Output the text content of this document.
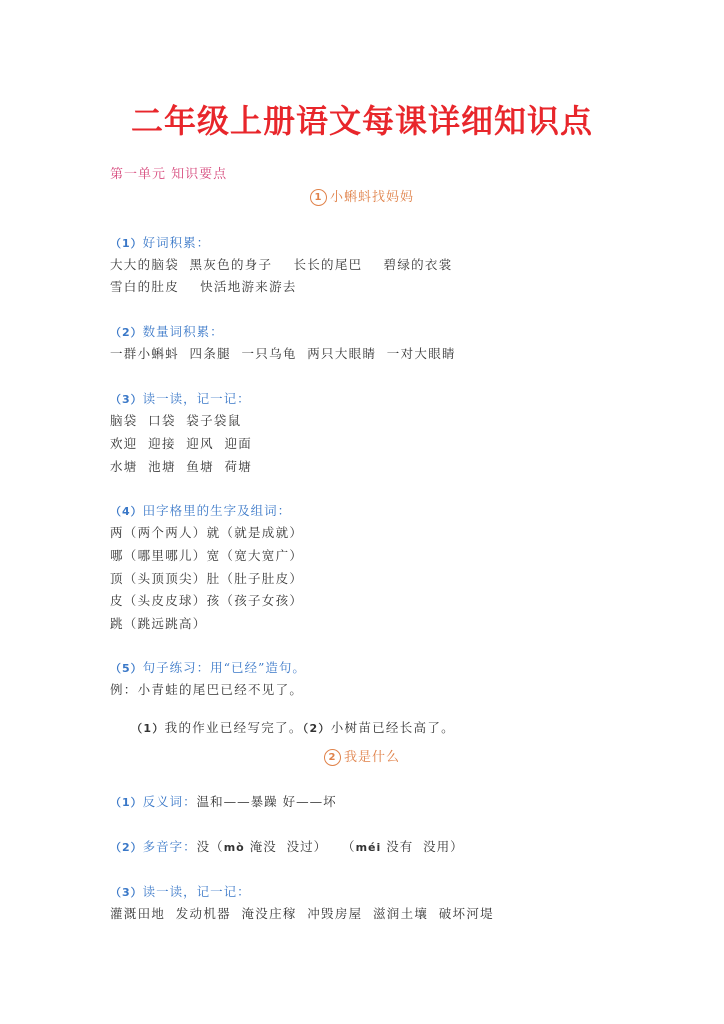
二年级上册语文每课详细知识点
第一单元 知识要点
1 小蝌蚪找妈妈
（1）好词积累：
大大的脑袋  黑灰色的身子    长长的尾巴    碧绿的衣裳
雪白的肚皮    快活地游来游去
（2）数量词积累：
一群小蝌蚪  四条腿  一只乌龟  两只大眼睛  一对大眼睛
（3）读一读，记一记：
脑袋  口袋  袋子袋鼠
欢迎  迎接  迎风  迎面
水塘  池塘  鱼塘  荷塘
（4）田字格里的生字及组词：
两（两个两人）就（就是成就）
哪（哪里哪儿）宽（宽大宽广）
顶（头顶顶尖）肚（肚子肚皮）
皮（头皮皮球）孩（孩子女孩）
跳（跳远跳高）
（5）句子练习：用“已经”造句。
例：小青蛙的尾巴已经不见了。

（1）我的作业已经写完了。（2）小树苗已经长高了。

2 我是什么
（1）反义词：温和——暴躁 好——坏
（2）多音字：没（mò 淹没  没过）   （méi 没有  没用）
（3）读一读，记一记：
灌溉田地  发动机器  淹没庄稼  冲毁房屋  滋润土壤  破坏河堤
